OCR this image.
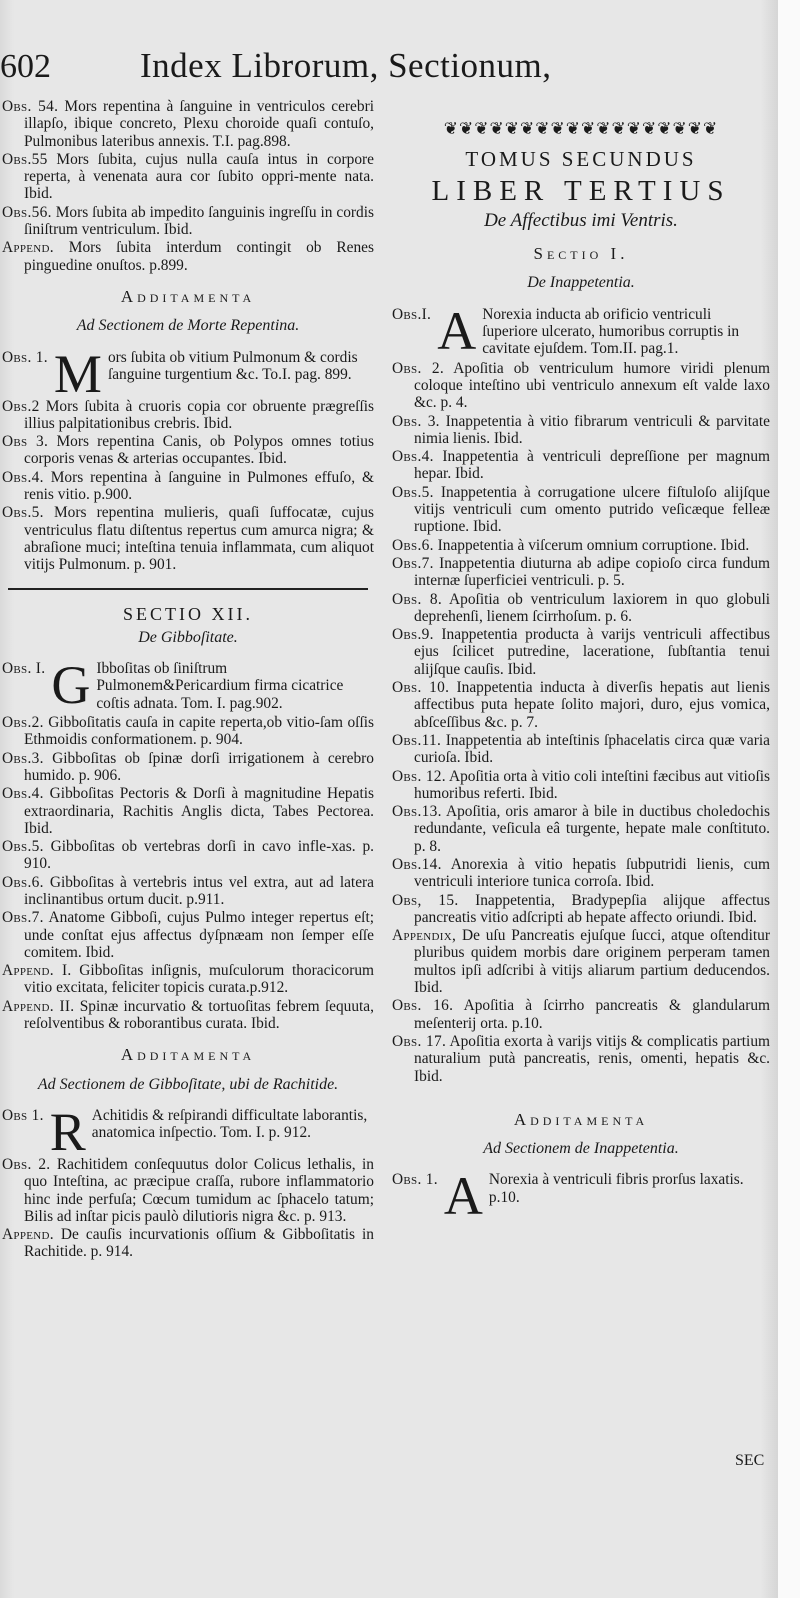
602	Index Librorum, Sectionum,
Obs. 54. Mors repentina à ſanguine in ventriculos cerebri illapſo, ibique concreto, Plexu choroide quaſi contuſo, Pulmonibus lateribus annexis. T.I. pag.898.
Obs.55 Mors ſubita, cujus nulla cauſa intus in corpore reperta, à venenata aura cor ſubito oppri-mente nata. Ibid.
Obs.56. Mors ſubita ab impedito ſanguinis ingreſſu in cordis ſiniſtrum ventriculum. Ibid.
Append. Mors ſubita interdum contingit ob Renes pinguedine onuſtos. p.899.
Additamenta
Ad Sectionem de Morte Repentina.
Obs. 1. M ors ſubita ob vitium Pulmonum & cordis ſanguine turgentium &c. To.I. pag. 899.
Obs.2 Mors ſubita à cruoris copia cor obruente prægreſſis illius palpitationibus crebris. Ibid.
Obs 3. Mors repentina Canis, ob Polypos omnes totius corporis venas & arterias occupantes. Ibid.
Obs.4. Mors repentina à ſanguine in Pulmones effuſo, & renis vitio. p.900.
Obs.5. Mors repentina mulieris, quaſi ſuffocatæ, cujus ventriculus flatu diſtentus repertus cum amurca nigra; & abraſione muci; inteſtina tenuia inflammata, cum aliquot vitijs Pulmonum. p. 901.
SECTIO XII.
De Gibboſitate.
Obs. I. G Ibboſitas ob ſiniſtrum Pulmonem&Pericardium firma cicatrice coſtis adnata. Tom. I. pag.902.
Obs.2. Gibboſitatis cauſa in capite reperta,ob vitio-ſam oſſis Ethmoidis conformationem. p. 904.
Obs.3. Gibboſitas ob ſpinæ dorſi irrigationem à cerebro humido. p. 906.
Obs.4. Gibboſitas Pectoris & Dorſi à magnitudine Hepatis extraordinaria, Rachitis Anglis dicta, Tabes Pectorea. Ibid.
Obs.5. Gibboſitas ob vertebras dorſi in cavo infle-xas. p. 910.
Obs.6. Gibboſitas à vertebris intus vel extra, aut ad latera inclinantibus ortum ducit. p.911.
Obs.7. Anatome Gibboſi, cujus Pulmo integer repertus eſt; unde conſtat ejus affectus dyſpnæam non ſemper eſſe comitem. Ibid.
Append. I. Gibboſitas inſignis, muſculorum thoracicorum vitio excitata, feliciter topicis curata.p.912.
Append. II. Spinæ incurvatio & tortuoſitas febrem ſequuta, reſolventibus & roborantibus curata. Ibid.
Additamenta
Ad Sectionem de Gibboſitate, ubi de Rachitide.
Obs 1. R Achitidis & reſpirandi difficultate laborantis, anatomica inſpectio. Tom. I. p. 912.
Obs. 2. Rachitidem conſequutus dolor Colicus lethalis, in quo Inteſtina, ac præcipue craſſa, rubore inflammatorio hinc inde perfuſa; Cœcum tumidum ac ſphacelo tatum; Bilis ad inſtar picis paulò dilutioris nigra &c. p. 913.
Append. De cauſis incurvationis oſſium & Gibboſitatis in Rachitide. p. 914.
❦❦❦❦❦❦❦❦❦❦❦❦❦❦❦❦❦❦
TOMUS SECUNDUS
LIBER TERTIUS
De Affectibus imi Ventris.
Sectio I.
De Inappetentia.
Obs.I. A Norexia inducta ab orificio ventriculi ſuperiore ulcerato, humoribus corruptis in cavitate ejuſdem. Tom.II. pag.1.
Obs. 2. Apoſitia ob ventriculum humore viridi plenum coloque inteſtino ubi ventriculo annexum eſt valde laxo &c. p. 4.
Obs. 3. Inappetentia à vitio fibrarum ventriculi & parvitate nimia lienis. Ibid.
Obs.4. Inappetentia à ventriculi depreſſione per magnum hepar. Ibid.
Obs.5. Inappetentia à corrugatione ulcere fiſtuloſo alijſque vitijs ventriculi cum omento putrido veſicæque felleæ ruptione. Ibid.
Obs.6. Inappetentia à viſcerum omnium corruptione. Ibid.
Obs.7. Inappetentia diuturna ab adipe copioſo circa fundum internæ ſuperficiei ventriculi. p. 5.
Obs. 8. Apoſitia ob ventriculum laxiorem in quo globuli deprehenſi, lienem ſcirrhoſum. p. 6.
Obs.9. Inappetentia producta à varijs ventriculi affectibus ejus ſcilicet putredine, laceratione, ſubſtantia tenui alijſque cauſis. Ibid.
Obs. 10. Inappetentia inducta à diverſis hepatis aut lienis affectibus puta hepate ſolito majori, duro, ejus vomica, abſceſſibus &c. p. 7.
Obs.11. Inappetentia ab inteſtinis ſphacelatis circa quæ varia curioſa. Ibid.
Obs. 12. Apoſitia orta à vitio coli inteſtini fæcibus aut vitioſis humoribus referti. Ibid.
Obs.13. Apoſitia, oris amaror à bile in ductibus choledochis redundante, veſicula eâ turgente, hepate male conſtituto. p. 8.
Obs.14. Anorexia à vitio hepatis ſubputridi lienis, cum ventriculi interiore tunica corroſa. Ibid.
Obs, 15. Inappetentia, Bradypepſia alijque affectus pancreatis vitio adſcripti ab hepate affecto oriundi. Ibid.
Appendix, De uſu Pancreatis ejuſque ſucci, atque oſtenditur pluribus quidem morbis dare originem perperam tamen multos ipſi adſcribi à vitijs aliarum partium deducendos. Ibid.
Obs. 16. Apoſitia à ſcirrho pancreatis & glandularum meſenterij orta. p.10.
Obs. 17. Apoſitia exorta à varijs vitijs & complicatis partium naturalium putà pancreatis, renis, omenti, hepatis &c. Ibid.
Additamenta
Ad Sectionem de Inappetentia.
Obs. 1. A Norexia à ventriculi fibris prorſus laxatis. p.10.
SEC
